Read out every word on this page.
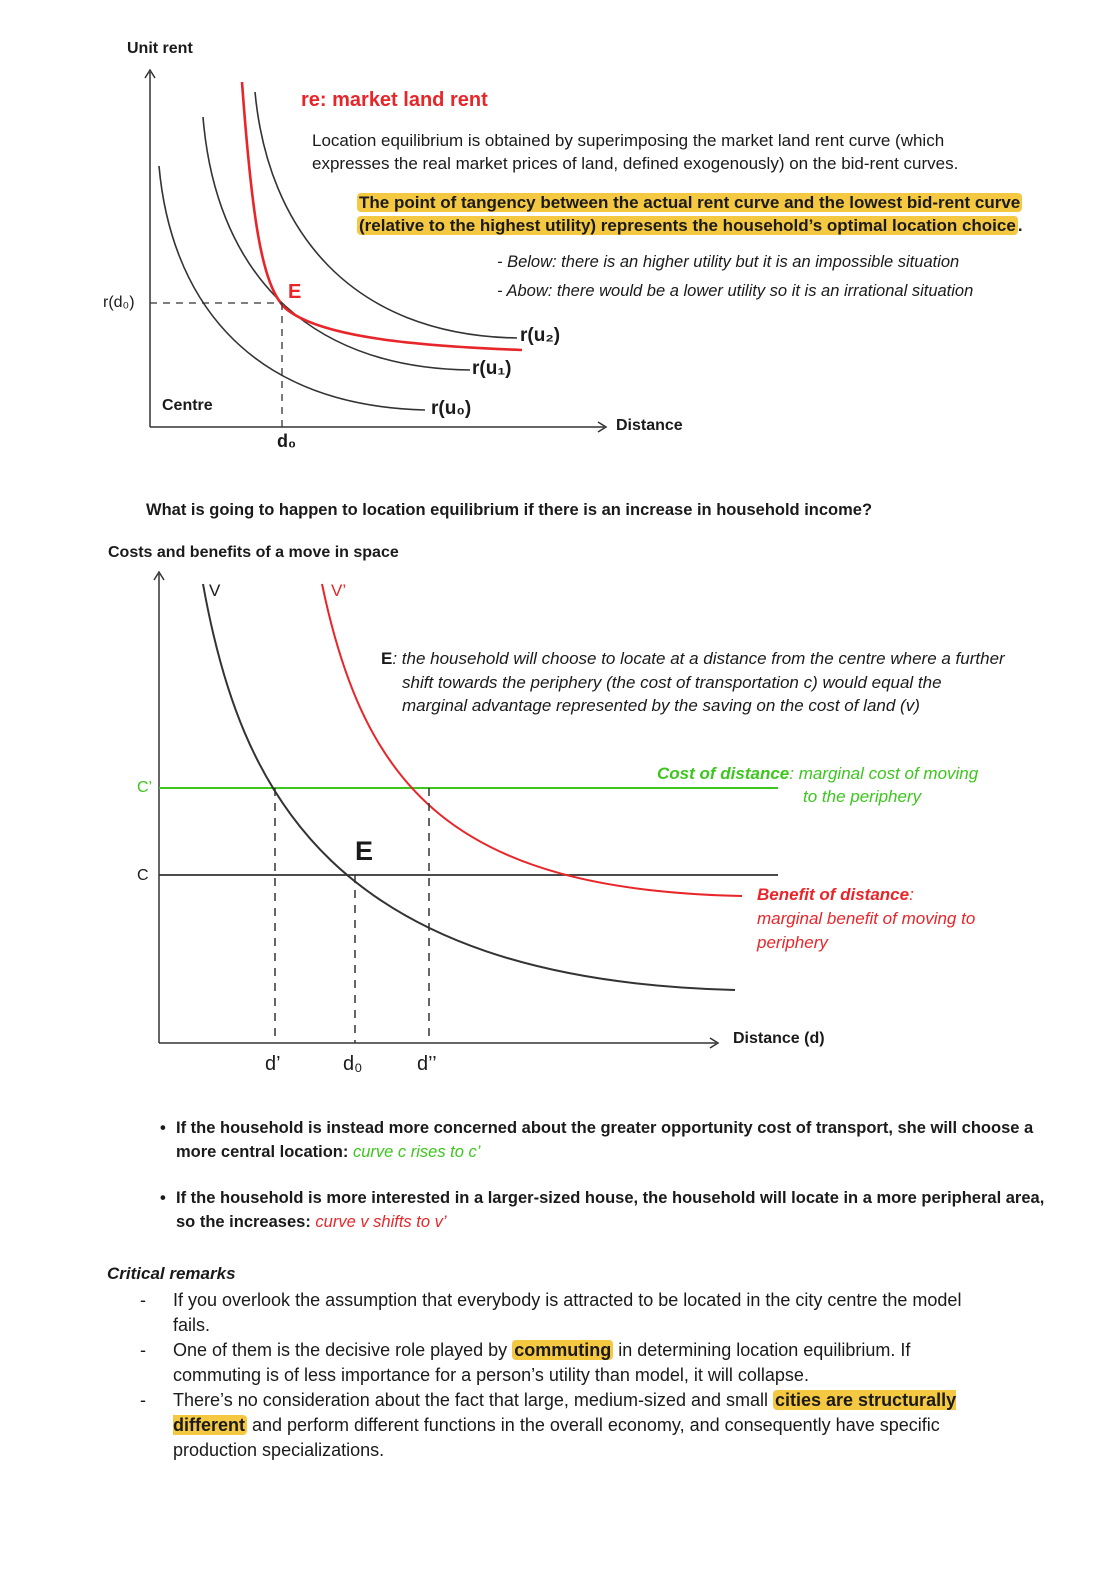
Unit rent
re: market land rent
Location equilibrium is obtained by superimposing the market land rent curve (which
expresses the real market prices of land, defined exogenously) on the bid-rent curves.
The point of tangency between the actual rent curve and the lowest bid-rent curve
(relative to the highest utility) represents the household’s optimal location choice .
- Below: there is an higher utility but it is an impossible situation
- Abow: there would be a lower utility so it is an irrational situation
r(d₀)	E
r(u₂)
r(u₁)
r(u₀)
Centre
Distance
d₀
What is going to happen to location equilibrium if there is an increase in household income?
Costs and benefits of a move in space
V	V’
E: the household will choose to locate at a distance from the centre where a further
shift towards the periphery (the cost of transportation c) would equal the
marginal advantage represented by the saving on the cost of land (v)
C’
C
Cost of distance: marginal cost of moving
to the periphery
E
Benefit of distance:
marginal benefit of moving to
periphery
Distance (d)
d’	d₀	d’’
• If the household is instead more concerned about the greater opportunity cost of transport, she will choose a more central location: curve c rises to c’
• If the household is more interested in a larger-sized house, the household will locate in a more peripheral area, so the increases: curve v shifts to v’
Critical remarks
- If you overlook the assumption that everybody is attracted to be located in the city centre the model fails.
- One of them is the decisive role played by commuting in determining location equilibrium. If commuting is of less importance for a person’s utility than model, it will collapse.
- There’s no consideration about the fact that large, medium-sized and small cities are structurally different and perform different functions in the overall economy, and consequently have specific production specializations.
